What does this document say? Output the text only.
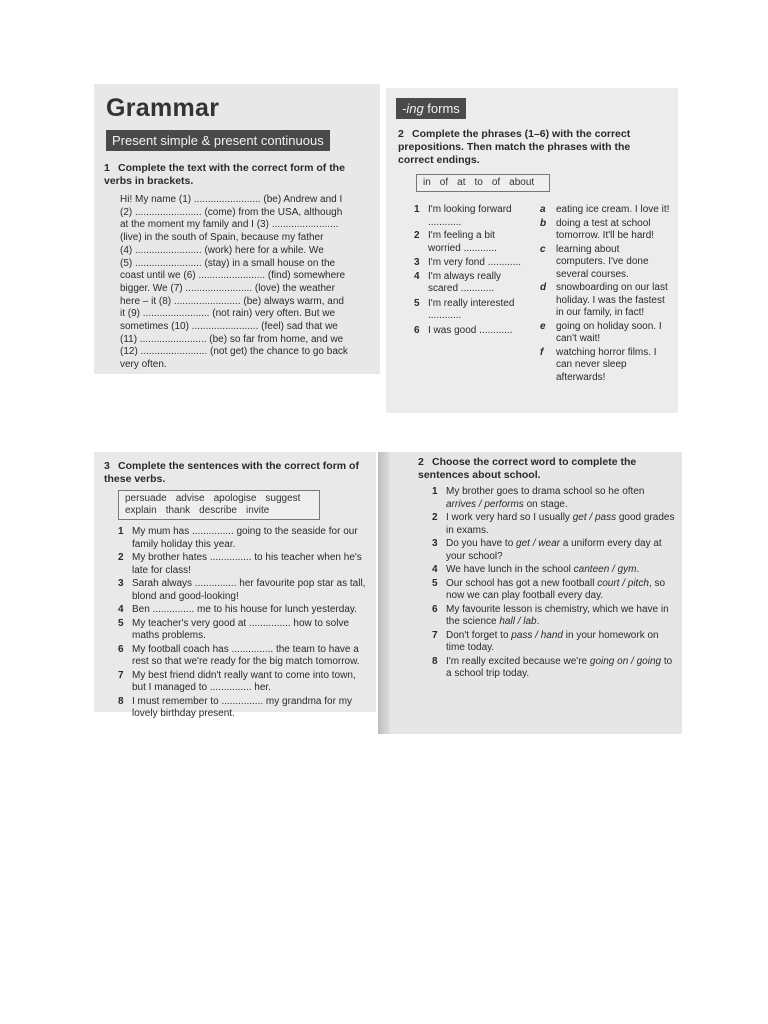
Grammar
Present simple & present continuous
1 Complete the text with the correct form of the verbs in brackets.
Hi! My name (1) ........................ (be) Andrew and I
(2) ........................ (come) from the USA, although
at the moment my family and I (3) ........................
(live) in the south of Spain, because my father
(4) ........................ (work) here for a while. We
(5) ........................ (stay) in a small house on the
coast until we (6) ........................ (find) somewhere
bigger. We (7) ........................ (love) the weather
here – it (8) ........................ (be) always warm, and
it (9) ........................ (not rain) very often. But we
sometimes (10) ........................ (feel) sad that we
(11) ........................ (be) so far from home, and we
(12) ........................ (not get) the chance to go back
very often.
-ing forms
2 Complete the phrases (1–6) with the correct prepositions. Then match the phrases with the correct endings.
in of at to of about
1 I'm looking forward ............
2 I'm feeling a bit worried ............
3 I'm very fond ............
4 I'm always really scared ............
5 I'm really interested ............
6 I was good ............
a eating ice cream. I love it!
b doing a test at school tomorrow. It'll be hard!
c learning about computers. I've done several courses.
d snowboarding on our last holiday. I was the fastest in our family, in fact!
e going on holiday soon. I can't wait!
f watching horror films. I can never sleep afterwards!
3 Complete the sentences with the correct form of these verbs.
persuade advise apologise suggest
explain thank describe invite
1 My mum has ............... going to the seaside for our family holiday this year.
2 My brother hates ............... to his teacher when he's late for class!
3 Sarah always ............... her favourite pop star as tall, blond and good-looking!
4 Ben ............... me to his house for lunch yesterday.
5 My teacher's very good at ............... how to solve maths problems.
6 My football coach has ............... the team to have a rest so that we're ready for the big match tomorrow.
7 My best friend didn't really want to come into town, but I managed to ............... her.
8 I must remember to ............... my grandma for my lovely birthday present.
2 Choose the correct word to complete the sentences about school.
1 My brother goes to drama school so he often arrives / performs on stage.
2 I work very hard so I usually get / pass good grades in exams.
3 Do you have to get / wear a uniform every day at your school?
4 We have lunch in the school canteen / gym.
5 Our school has got a new football court / pitch, so now we can play football every day.
6 My favourite lesson is chemistry, which we have in the science hall / lab.
7 Don't forget to pass / hand in your homework on time today.
8 I'm really excited because we're going on / going to a school trip today.
